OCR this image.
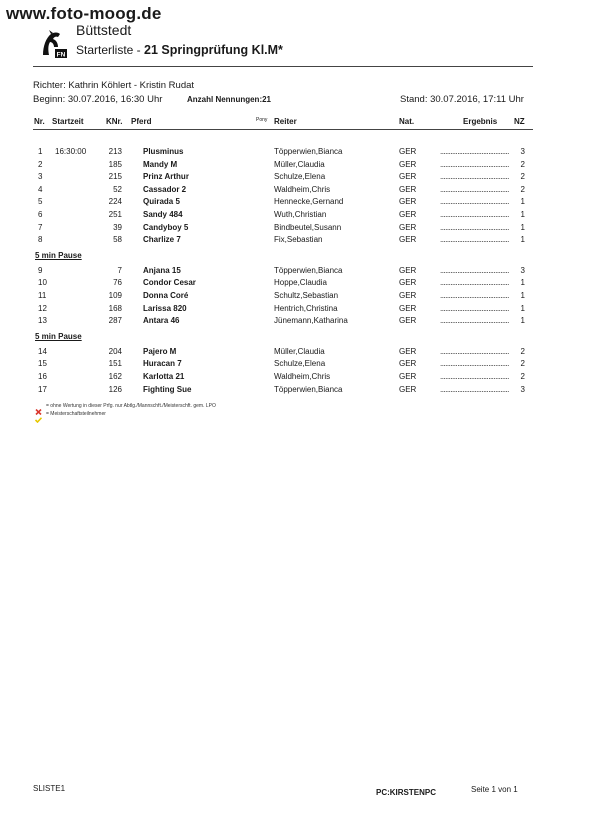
www.foto-moog.de
FN
Büttstedt
Starterliste - 21 Springprüfung Kl.M*
Richter: Kathrin Köhlert - Kristin Rudat
Beginn: 30.07.2016, 16:30 Uhr	Anzahl Nennungen:21	Stand: 30.07.2016, 17:11 Uhr
Nr. Startzeit	KNr. Pferd	Pony Reiter	Nat.	Ergebnis NZ
1 16:30:00	213	Plusminus	Töpperwien,Bianca	GER	........................................ 3
2	185	Mandy M	Müller,Claudia	GER	........................................ 2
3	215	Prinz Arthur	Schulze,Elena	GER	........................................ 2
4	52	Cassador 2	Waldheim,Chris	GER	........................................ 2
5	224	Quirada 5	Hennecke,Gernand	GER	........................................ 1
6	251	Sandy 484	Wuth,Christian	GER	........................................ 1
7	39	Candyboy 5	Bindbeutel,Susann	GER	........................................ 1
8	58	Charlize 7	Fix,Sebastian	GER	........................................ 1
5 min Pause
9	7	Anjana 15	Töpperwien,Bianca	GER	........................................ 3
10	76	Condor Cesar	Hoppe,Claudia	GER	........................................ 1
11	109	Donna Coré	Schultz,Sebastian	GER	........................................ 1
12	168	Larissa 820	Hentrich,Christina	GER	........................................ 1
13	287	Antara 46	Jünemann,Katharina	GER	........................................ 1
5 min Pause
14	204	Pajero M	Müller,Claudia	GER	........................................ 2
15	151	Huracan 7	Schulze,Elena	GER	........................................ 2
16	162	Karlotta 21	Waldheim,Chris	GER	........................................ 2
17	126	Fighting Sue	Töpperwien,Bianca	GER	........................................ 3
= ohne Wertung in dieser Prfg. nur Abtlg./Mannschft./Meisterschft. gem. LPO
= Meisterschaftsteilnehmer
SLISTE1	PC:KIRSTENPC	Seite 1 von 1
